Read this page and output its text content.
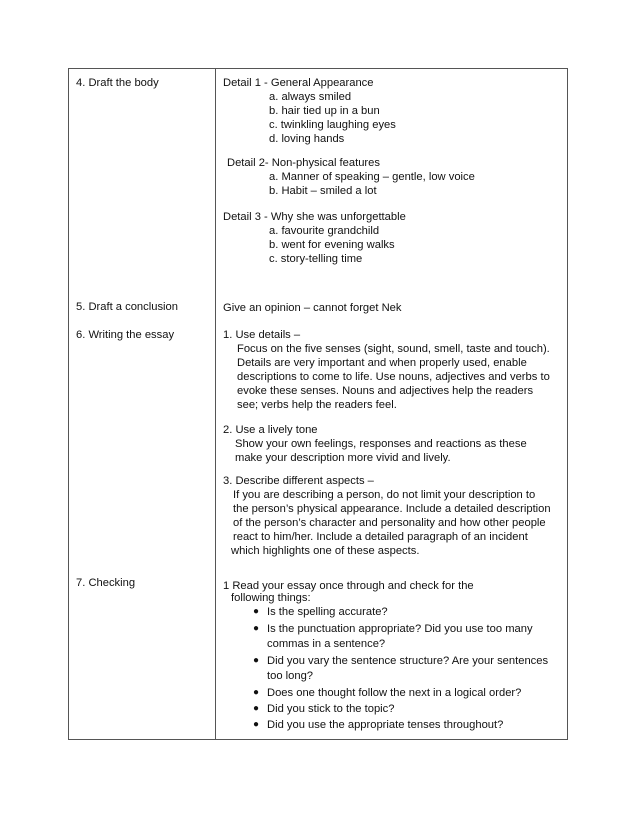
4. Draft the body
5. Draft a conclusion
6. Writing the essay
7. Checking
Detail 1 - General Appearance
a. always smiled
b. hair tied up in a bun
c. twinkling laughing eyes
d. loving hands
Detail 2- Non-physical features
a. Manner of speaking – gentle, low voice
b. Habit – smiled a lot
Detail 3 - Why she was unforgettable
a. favourite grandchild
b. went for evening walks
c. story-telling time
Give an opinion – cannot forget Nek
1. Use details –
Focus on the five senses (sight, sound, smell, taste and touch).
Details are very important and when properly used, enable
descriptions to come to life. Use nouns, adjectives and verbs to
evoke these senses. Nouns and adjectives help the readers
see; verbs help the readers feel.
2. Use a lively tone
Show your own feelings, responses and reactions as these
make your description more vivid and lively.
3. Describe different aspects –
If you are describing a person, do not limit your description to
the person’s physical appearance. Include a detailed description
of the person’s character and personality and how other people
react to him/her. Include a detailed paragraph of an incident
which highlights one of these aspects.
1 Read your essay once through and check for the
following things:
● Is the spelling accurate?
● Is the punctuation appropriate? Did you use too many
commas in a sentence?
● Did you vary the sentence structure? Are your sentences
too long?
● Does one thought follow the next in a logical order?
● Did you stick to the topic?
● Did you use the appropriate tenses throughout?
